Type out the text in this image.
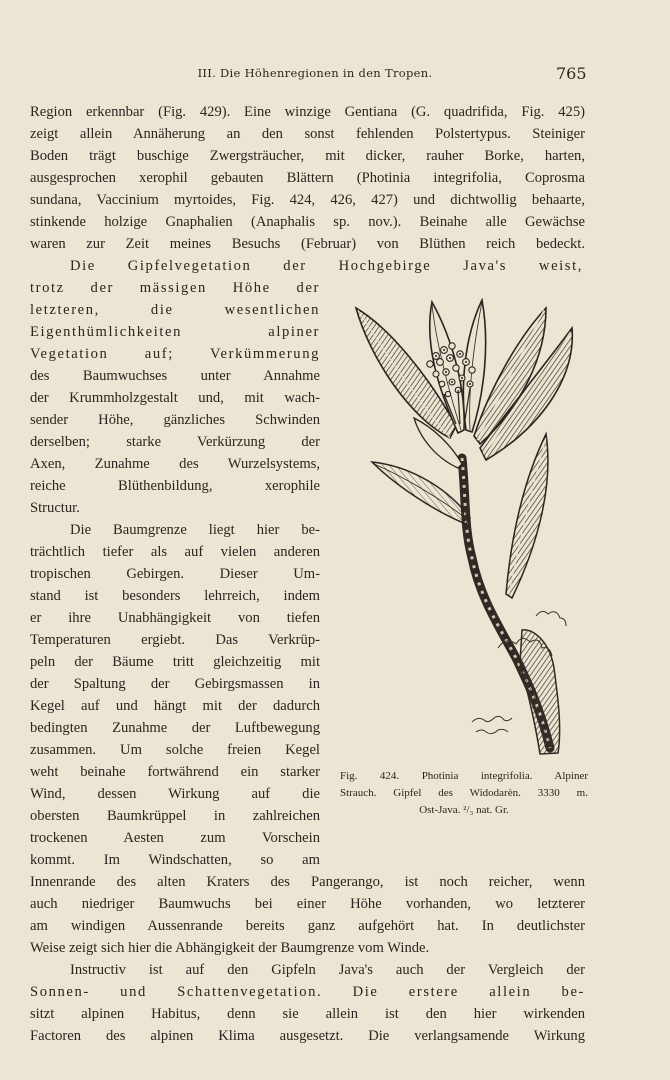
III. Die Höhenregionen in den Tropen.	765
Region erkennbar (Fig. 429). Eine winzige Gentiana (G. quadrifida, Fig. 425)
zeigt allein Annäherung an den sonst fehlenden Polstertypus. Steiniger
Boden trägt buschige Zwergsträucher, mit dicker, rauher Borke, harten,
ausgesprochen xerophil gebauten Blättern (Photinia integrifolia, Coprosma
sundana, Vaccinium myrtoides, Fig. 424, 426, 427) und dichtwollig behaarte,
stinkende holzige Gnaphalien (Anaphalis sp. nov.). Beinahe alle Gewächse
waren zur Zeit meines Besuchs (Februar) von Blüthen reich bedeckt.
Die Gipfelvegetation der Hochgebirge Java's weist,
trotz der mässigen Höhe der
letzteren, die wesentlichen
Eigenthümlichkeiten alpiner
Vegetation auf; Verkümmerung
des Baumwuchses unter Annahme
der Krummholzgestalt und, mit wach-
sender Höhe, gänzliches Schwinden
derselben; starke Verkürzung der
Axen, Zunahme des Wurzelsystems,
reiche Blüthenbildung, xerophile
Structur.
Die Baumgrenze liegt hier be-
trächtlich tiefer als auf vielen anderen
tropischen Gebirgen. Dieser Um-
stand ist besonders lehrreich, indem
er ihre Unabhängigkeit von tiefen
Temperaturen ergiebt. Das Verkrüp-
peln der Bäume tritt gleichzeitig mit
der Spaltung der Gebirgsmassen in
Kegel auf und hängt mit der dadurch
bedingten Zunahme der Luftbewegung
zusammen. Um solche freien Kegel
weht beinahe fortwährend ein starker
Wind, dessen Wirkung auf die
obersten Baumkrüppel in zahlreichen
trockenen Aesten zum Vorschein
kommt. Im Windschatten, so am
Innenrande des alten Kraters des Pangerango, ist noch reicher, wenn
auch niedriger Baumwuchs bei einer Höhe vorhanden, wo letzterer
am windigen Aussenrande bereits ganz aufgehört hat. In deutlichster
Weise zeigt sich hier die Abhängigkeit der Baumgrenze vom Winde.
Instructiv ist auf den Gipfeln Java's auch der Vergleich der
Sonnen- und Schattenvegetation. Die erstere allein be-
sitzt alpinen Habitus, denn sie allein ist den hier wirkenden
Factoren des alpinen Klima ausgesetzt. Die verlangsamende Wirkung
Fig. 424. Photinia integrifolia. Alpiner
Strauch. Gipfel des Widodarèn. 3330 m.
Ost-Java. ²/₃ nat. Gr.
